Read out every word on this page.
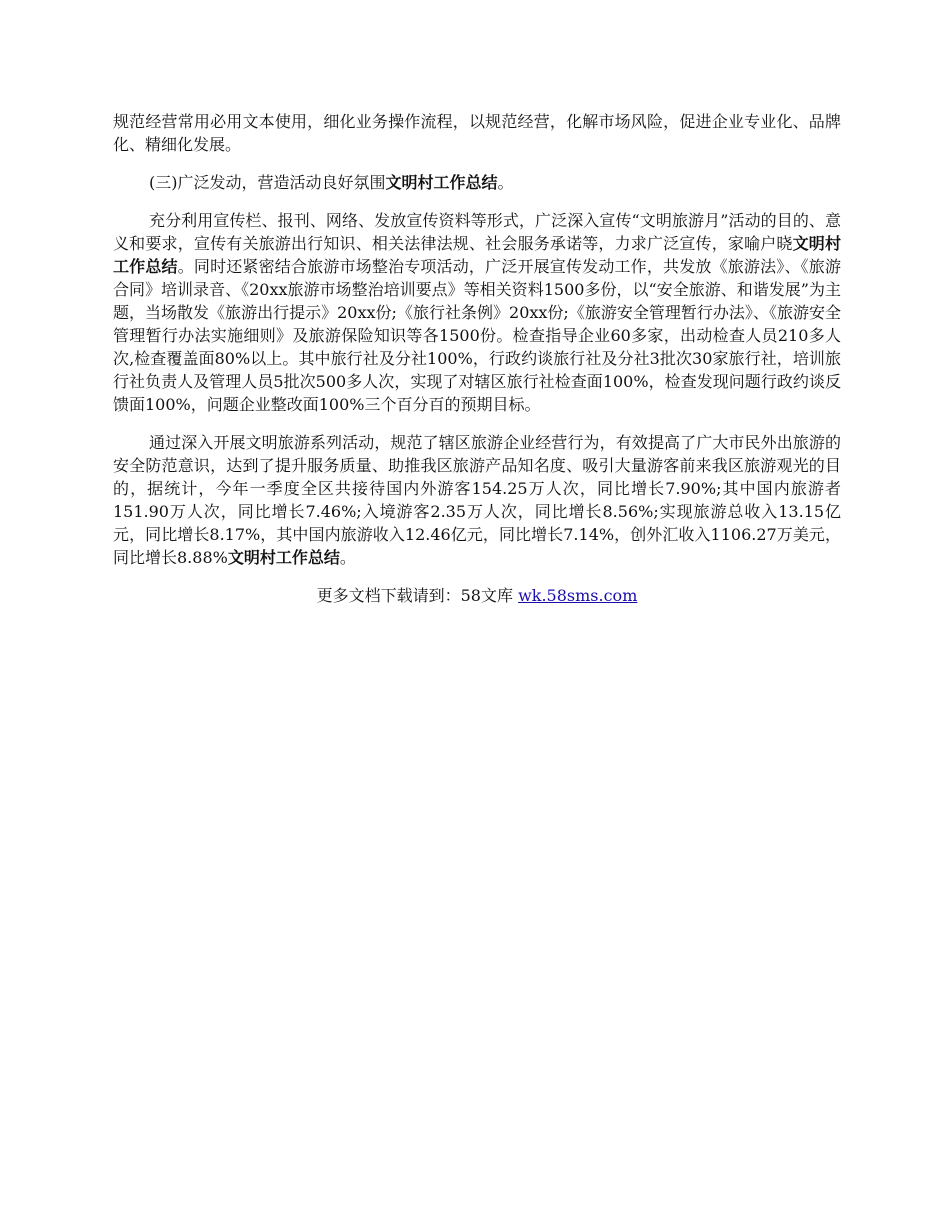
规范经营常用必用文本使用，细化业务操作流程，以规范经营，化解市场风险，促进企业专业化、品牌化、精细化发展。

(三)广泛发动，营造活动良好氛围文明村工作总结。

充分利用宣传栏、报刊、网络、发放宣传资料等形式，广泛深入宣传“文明旅游月”活动的目的、意义和要求，宣传有关旅游出行知识、相关法律法规、社会服务承诺等，力求广泛宣传，家喻户晓文明村工作总结。同时还紧密结合旅游市场整治专项活动，广泛开展宣传发动工作，共发放《旅游法》、《旅游合同》培训录音、《20xx旅游市场整治培训要点》等相关资料1500多份，以“安全旅游、和谐发展”为主题，当场散发《旅游出行提示》20xx份;《旅行社条例》20xx份;《旅游安全管理暂行办法》、《旅游安全管理暂行办法实施细则》及旅游保险知识等各1500份。检查指导企业60多家，出动检查人员210多人次,检查覆盖面80%以上。其中旅行社及分社100%，行政约谈旅行社及分社3批次30家旅行社，培训旅行社负责人及管理人员5批次500多人次，实现了对辖区旅行社检查面100%，检查发现问题行政约谈反馈面100%，问题企业整改面100%三个百分百的预期目标。

通过深入开展文明旅游系列活动，规范了辖区旅游企业经营行为，有效提高了广大市民外出旅游的安全防范意识，达到了提升服务质量、助推我区旅游产品知名度、吸引大量游客前来我区旅游观光的目的，据统计，今年一季度全区共接待国内外游客154.25万人次，同比增长7.90%;其中国内旅游者151.90万人次，同比增长7.46%;入境游客2.35万人次，同比增长8.56%;实现旅游总收入13.15亿元，同比增长8.17%，其中国内旅游收入12.46亿元，同比增长7.14%，创外汇收入1106.27万美元，同比增长8.88%文明村工作总结。

更多文档下载请到：58文库 wk.58sms.com
